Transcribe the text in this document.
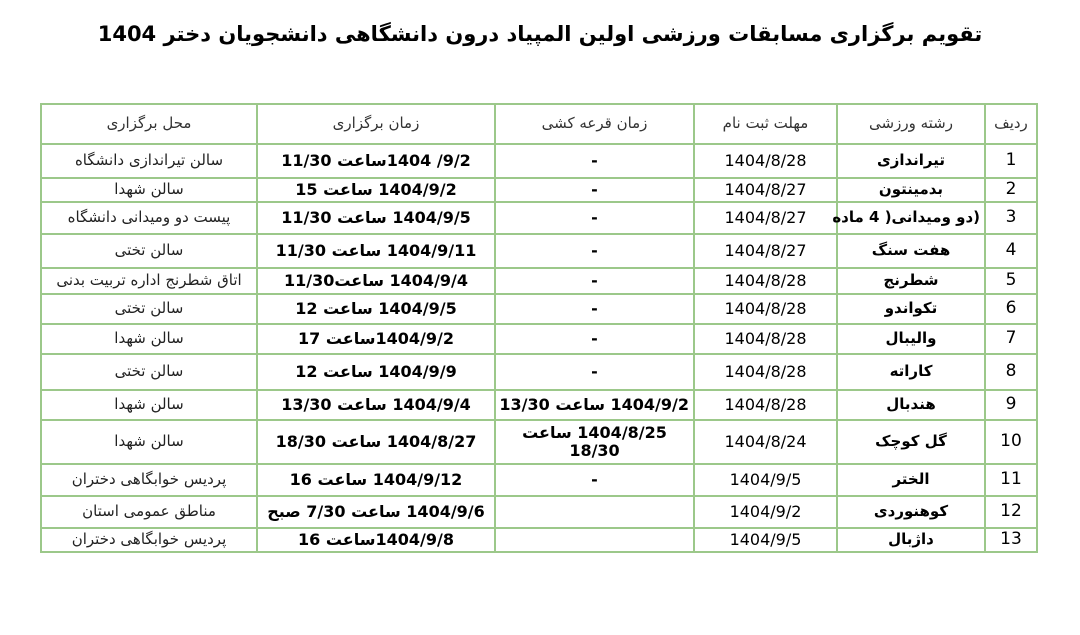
تقویم برگزاری مسابقات ورزشی اولین المپیاد درون دانشگاهی دانشجویان دختر 1404
ردیف	رشته ورزشی	مهلت ثبت نام	زمان قرعه کشی	زمان برگزاری	محل برگزاری
1	تیراندازی	1404/8/28	-	9/2/ 1404ساعت 11/30	سالن تیراندازی دانشگاه
2	بدمینتون	1404/8/27	-	1404/9/2 ساعت 15	سالن شهدا
3	(دو ومیدانی( 4 ماده	1404/8/27	-	1404/9/5 ساعت 11/30	پیست دو ومیدانی دانشگاه
4	هفت سنگ	1404/8/27	-	1404/9/11 ساعت 11/30	سالن تختی
5	شطرنج	1404/8/28	-	1404/9/4 ساعت11/30	اتاق شطرنج اداره تربیت بدنی
6	تکواندو	1404/8/28	-	1404/9/5 ساعت 12	سالن تختی
7	والیبال	1404/8/28	-	1404/9/2ساعت 17	سالن شهدا
8	کاراته	1404/8/28	-	1404/9/9 ساعت 12	سالن تختی
9	هندبال	1404/8/28	1404/9/2 ساعت 13/30	1404/9/4 ساعت 13/30	سالن شهدا
10	گل کوچک	1404/8/24	1404/8/25 ساعت 18/30	1404/8/27 ساعت 18/30	سالن شهدا
11	الختر	1404/9/5	-	1404/9/12 ساعت 16	پردیس خوابگاهی دختران
12	کوهنوردی	1404/9/2		1404/9/6 ساعت 7/30 صبح	مناطق عمومی استان
13	داژبال	1404/9/5		1404/9/8ساعت 16	پردیس خوابگاهی دختران
